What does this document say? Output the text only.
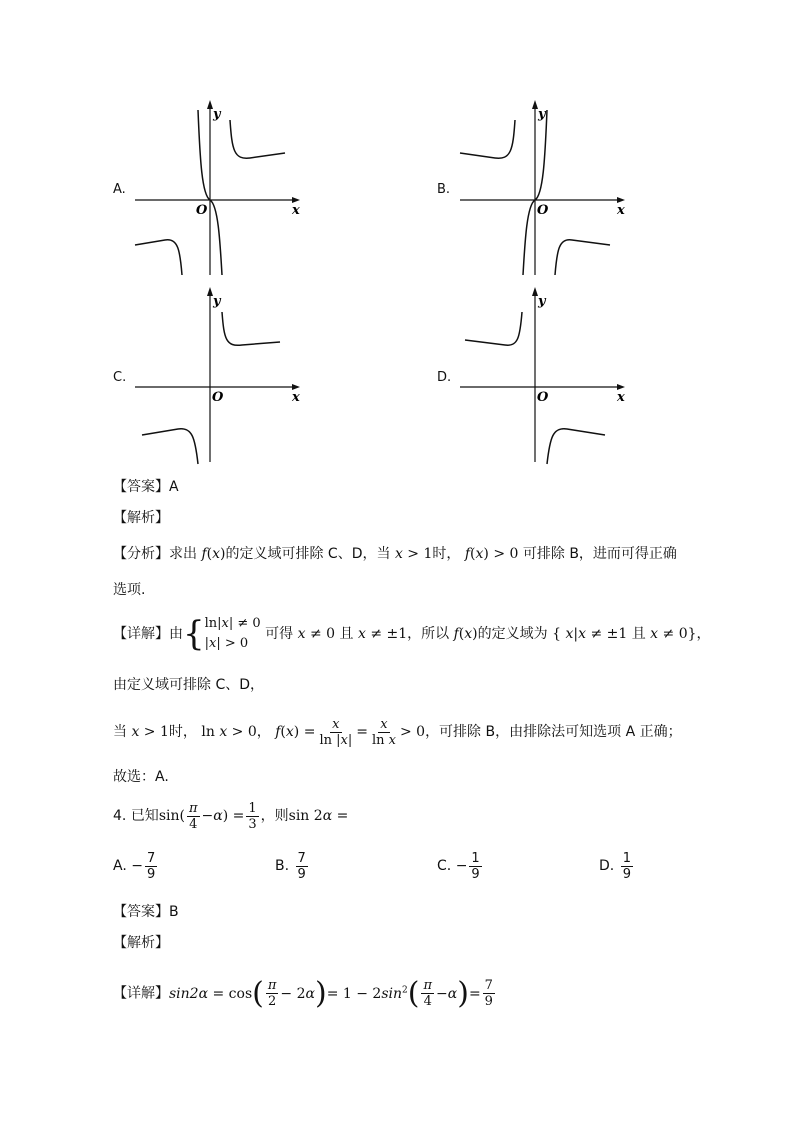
A.
y
x
O
B.
y
x
O
C.
y
x
O
D.
y
x
O
【答案】A
【解析】
【分析】求出 f(x)的定义域可排除 C、D，当 x > 1时， f(x) > 0 可排除 B，进而可得正确
选项.
【详解】由{ ln|x| ≠ 0
|x| > 0
可得 x ≠ 0 且 x ≠ ±1，所以 f(x)的定义域为 { x|x ≠ ±1 且 x ≠ 0}，
由定义域可排除 C、D，
当 x > 1时， ln x > 0， $f(x) = \frac{x}{\ln |x|} = \frac{x}{\text{ln x}} > 0$，可排除 B，由排除法可知选项 A 正确；
故选：A.
4. 已知$\sin( \frac{\pi}{4} -\alpha) = \frac{1}{3}$ ，则sin 2α =
A. − $\frac{7}{9}$	B. $\frac{7}{9}$	C. − $\frac{1}{9}$	D. $\frac{1}{9}$
【答案】B
【解析】
【详解】$\sin 2\alpha = \cos( \frac{\pi}{2} - 2\alpha)= 1 - 2\sin^2( \frac{\pi}{4} -\alpha)= \frac{7}{9}$
